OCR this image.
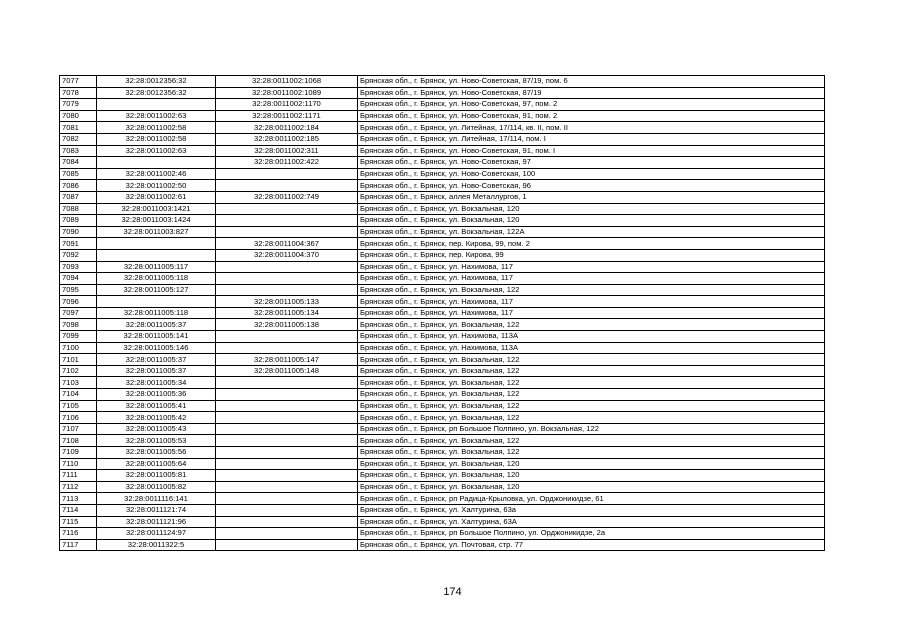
7077	32:28:0012356:32	32:28:0011002:1068	Брянская обл., г. Брянск, ул. Ново-Советская, 87/19, пом. 6
7078	32:28:0012356:32	32:28:0011002:1089	Брянская обл., г. Брянск, ул. Ново-Советская, 87/19
7079		32:28:0011002:1170	Брянская обл., г. Брянск, ул. Ново-Советская, 97, пом. 2
7080	32:28:0011002:63	32:28:0011002:1171	Брянская обл., г. Брянск, ул. Ново-Советская, 91, пом. 2
7081	32:28:0011002:58	32:28:0011002:184	Брянская обл., г. Брянск, ул. Литейная, 17/114, кв. II, пом. II
7082	32:28:0011002:58	32:28:0011002:185	Брянская обл., г. Брянск, ул. Литейная, 17/114, пом. I
7083	32:28:0011002:63	32:28:0011002:311	Брянская обл., г. Брянск, ул. Ново-Советская, 91, пом. I
7084		32:28:0011002:422	Брянская обл., г. Брянск, ул. Ново-Советская, 97
7085	32:28:0011002:46		Брянская обл., г. Брянск, ул. Ново-Советская, 100
7086	32:28:0011002:50		Брянская обл., г. Брянск, ул. Ново-Советская, 96
7087	32:28:0011002:61	32:28:0011002:749	Брянская обл., г. Брянск, аллея Металлургов, 1
7088	32:28:0011003:1421		Брянская обл., г. Брянск, ул. Вокзальная, 120
7089	32:28:0011003:1424		Брянская обл., г. Брянск, ул. Вокзальная, 120
7090	32:28:0011003:827		Брянская обл., г. Брянск, ул. Вокзальная, 122А
7091		32:28:0011004:367	Брянская обл., г. Брянск, пер. Кирова, 99, пом. 2
7092		32:28:0011004:370	Брянская обл., г. Брянск, пер. Кирова, 99
7093	32:28:0011005:117		Брянская обл., г. Брянск, ул. Нахимова, 117
7094	32:28:0011005:118		Брянская обл., г. Брянск, ул. Нахимова, 117
7095	32:28:0011005:127		Брянская обл., г. Брянск, ул. Вокзальная, 122
7096		32:28:0011005:133	Брянская обл., г. Брянск, ул. Нахимова, 117
7097	32:28:0011005:118	32:28:0011005:134	Брянская обл., г. Брянск, ул. Нахимова, 117
7098	32:28:0011005:37	32:28:0011005:138	Брянская обл., г. Брянск, ул. Вокзальная, 122
7099	32:28:0011005:141		Брянская обл., г. Брянск, ул. Нахимова, 113А
7100	32:28:0011005:146		Брянская обл., г. Брянск, ул. Нахимова, 113А
7101	32:28:0011005:37	32:28:0011005:147	Брянская обл., г. Брянск, ул. Вокзальная, 122
7102	32:28:0011005:37	32:28:0011005:148	Брянская обл., г. Брянск, ул. Вокзальная, 122
7103	32:28:0011005:34		Брянская обл., г. Брянск, ул. Вокзальная, 122
7104	32:28:0011005:36		Брянская обл., г. Брянск, ул. Вокзальная, 122
7105	32:28:0011005:41		Брянская обл., г. Брянск, ул. Вокзальная, 122
7106	32:28:0011005:42		Брянская обл., г. Брянск, ул. Вокзальная, 122
7107	32:28:0011005:43		Брянская обл., г. Брянск, рп Большое Полпино, ул. Вокзальная, 122
7108	32:28:0011005:53		Брянская обл., г. Брянск, ул. Вокзальная, 122
7109	32:28:0011005:56		Брянская обл., г. Брянск, ул. Вокзальная, 122
7110	32:28:0011005:64		Брянская обл., г. Брянск, ул. Вокзальная, 120
7111	32:28:0011005:81		Брянская обл., г. Брянск, ул. Вокзальная, 120
7112	32:28:0011005:82		Брянская обл., г. Брянск, ул. Вокзальная, 120
7113	32:28:0011116:141		Брянская обл., г. Брянск, рп Радица-Крыловка, ул. Орджоникидзе, 61
7114	32:28:0011121:74		Брянская обл., г. Брянск, ул. Халтурина, 63а
7115	32:28:0011121:96		Брянская обл., г. Брянск, ул. Халтурина, 63А
7116	32:28:0011124:97		Брянская обл., г. Брянск, рп Большое Полпино, ул. Орджоникидзе, 2а
7117	32:28:0011322:5		Брянская обл., г. Брянск, ул. Почтовая, стр. 77
174
